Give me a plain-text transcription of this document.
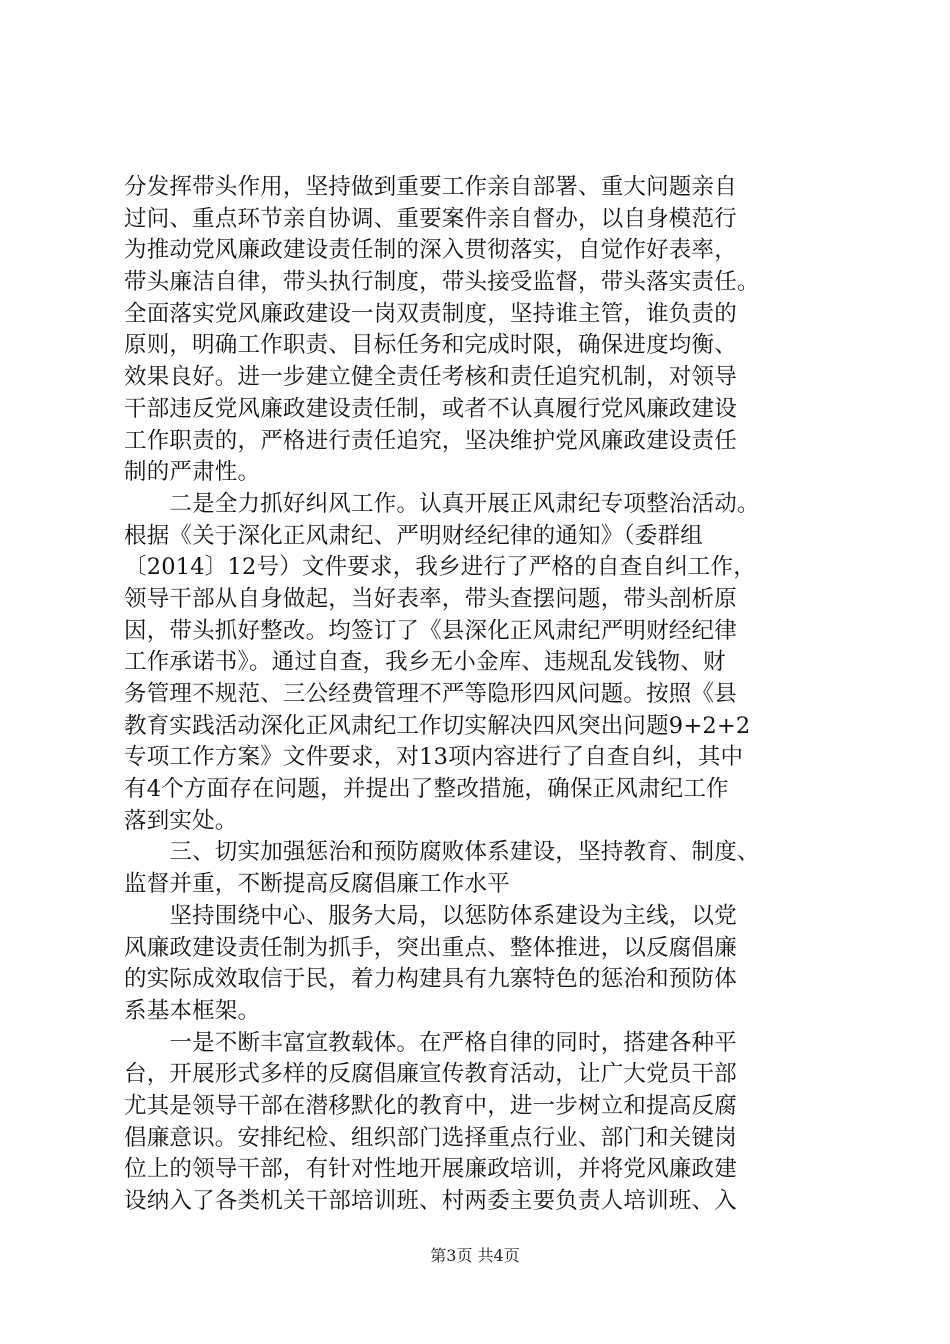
分发挥带头作用，坚持做到重要工作亲自部署、重大问题亲自
过问、重点环节亲自协调、重要案件亲自督办，以自身模范行
为推动党风廉政建设责任制的深入贯彻落实，自觉作好表率，
带头廉洁自律，带头执行制度，带头接受监督，带头落实责任。
全面落实党风廉政建设一岗双责制度，坚持谁主管，谁负责的
原则，明确工作职责、目标任务和完成时限，确保进度均衡、
效果良好。进一步建立健全责任考核和责任追究机制，对领导
干部违反党风廉政建设责任制，或者不认真履行党风廉政建设
工作职责的，严格进行责任追究，坚决维护党风廉政建设责任
制的严肃性。
　　二是全力抓好纠风工作。认真开展正风肃纪专项整治活动。
根据《关于深化正风肃纪、严明财经纪律的通知》（委群组
〔2014〕12号）文件要求，我乡进行了严格的自查自纠工作，
领导干部从自身做起，当好表率，带头查摆问题，带头剖析原
因，带头抓好整改。均签订了《县深化正风肃纪严明财经纪律
工作承诺书》。通过自查，我乡无小金库、违规乱发钱物、财
务管理不规范、三公经费管理不严等隐形四风问题。按照《县
教育实践活动深化正风肃纪工作切实解决四风突出问题9+2+2
专项工作方案》文件要求，对13项内容进行了自查自纠，其中
有4个方面存在问题，并提出了整改措施，确保正风肃纪工作
落到实处。
　　三、切实加强惩治和预防腐败体系建设，坚持教育、制度、
监督并重，不断提高反腐倡廉工作水平
　　坚持围绕中心、服务大局，以惩防体系建设为主线，以党
风廉政建设责任制为抓手，突出重点、整体推进，以反腐倡廉
的实际成效取信于民，着力构建具有九寨特色的惩治和预防体
系基本框架。
　　一是不断丰富宣教载体。在严格自律的同时，搭建各种平
台，开展形式多样的反腐倡廉宣传教育活动，让广大党员干部
尤其是领导干部在潜移默化的教育中，进一步树立和提高反腐
倡廉意识。安排纪检、组织部门选择重点行业、部门和关键岗
位上的领导干部，有针对性地开展廉政培训，并将党风廉政建
设纳入了各类机关干部培训班、村两委主要负责人培训班、入
第3页 共4页
